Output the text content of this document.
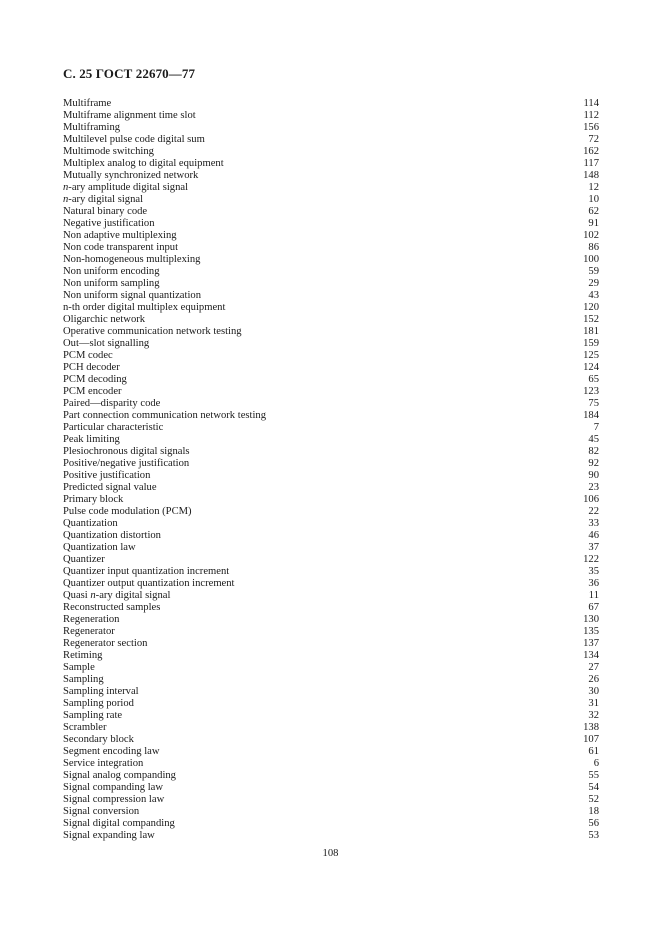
С. 25 ГОСТ 22670—77
Multiframe	114
Multiframe alignment time slot	112
Multiframing	156
Multilevel pulse code digital sum	72
Multimode switching	162
Multiplex analog to digital equipment	117
Mutually synchronized network	148
n-ary amplitude digital signal	12
n-ary digital signal	10
Natural binary code	62
Negative justification	91
Non adaptive multiplexing	102
Non code transparent input	86
Non-homogeneous multiplexing	100
Non uniform encoding	59
Non uniform sampling	29
Non uniform signal quantization	43
n-th order digital multiplex equipment	120
Oligarchic network	152
Operative communication network testing	181
Out—slot signalling	159
PCM codec	125
PCH decoder	124
PCM decoding	65
PCM encoder	123
Paired—disparity code	75
Part connection communication network testing	184
Particular characteristic	7
Peak limiting	45
Plesiochronous digital signals	82
Positive/negative justification	92
Positive justification	90
Predicted signal value	23
Primary block	106
Pulse code modulation (PCM)	22
Quantization	33
Quantization distortion	46
Quantization law	37
Quantizer	122
Quantizer input quantization increment	35
Quantizer output quantization increment	36
Quasi n-ary digital signal	11
Reconstructed samples	67
Regeneration	130
Regenerator	135
Regenerator section	137
Retiming	134
Sample	27
Sampling	26
Sampling interval	30
Sampling poriod	31
Sampling rate	32
Scrambler	138
Secondary block	107
Segment encoding law	61
Service integration	6
Signal analog companding	55
Signal companding law	54
Signal compression law	52
Signal conversion	18
Signal digital companding	56
Signal expanding law	53
108
